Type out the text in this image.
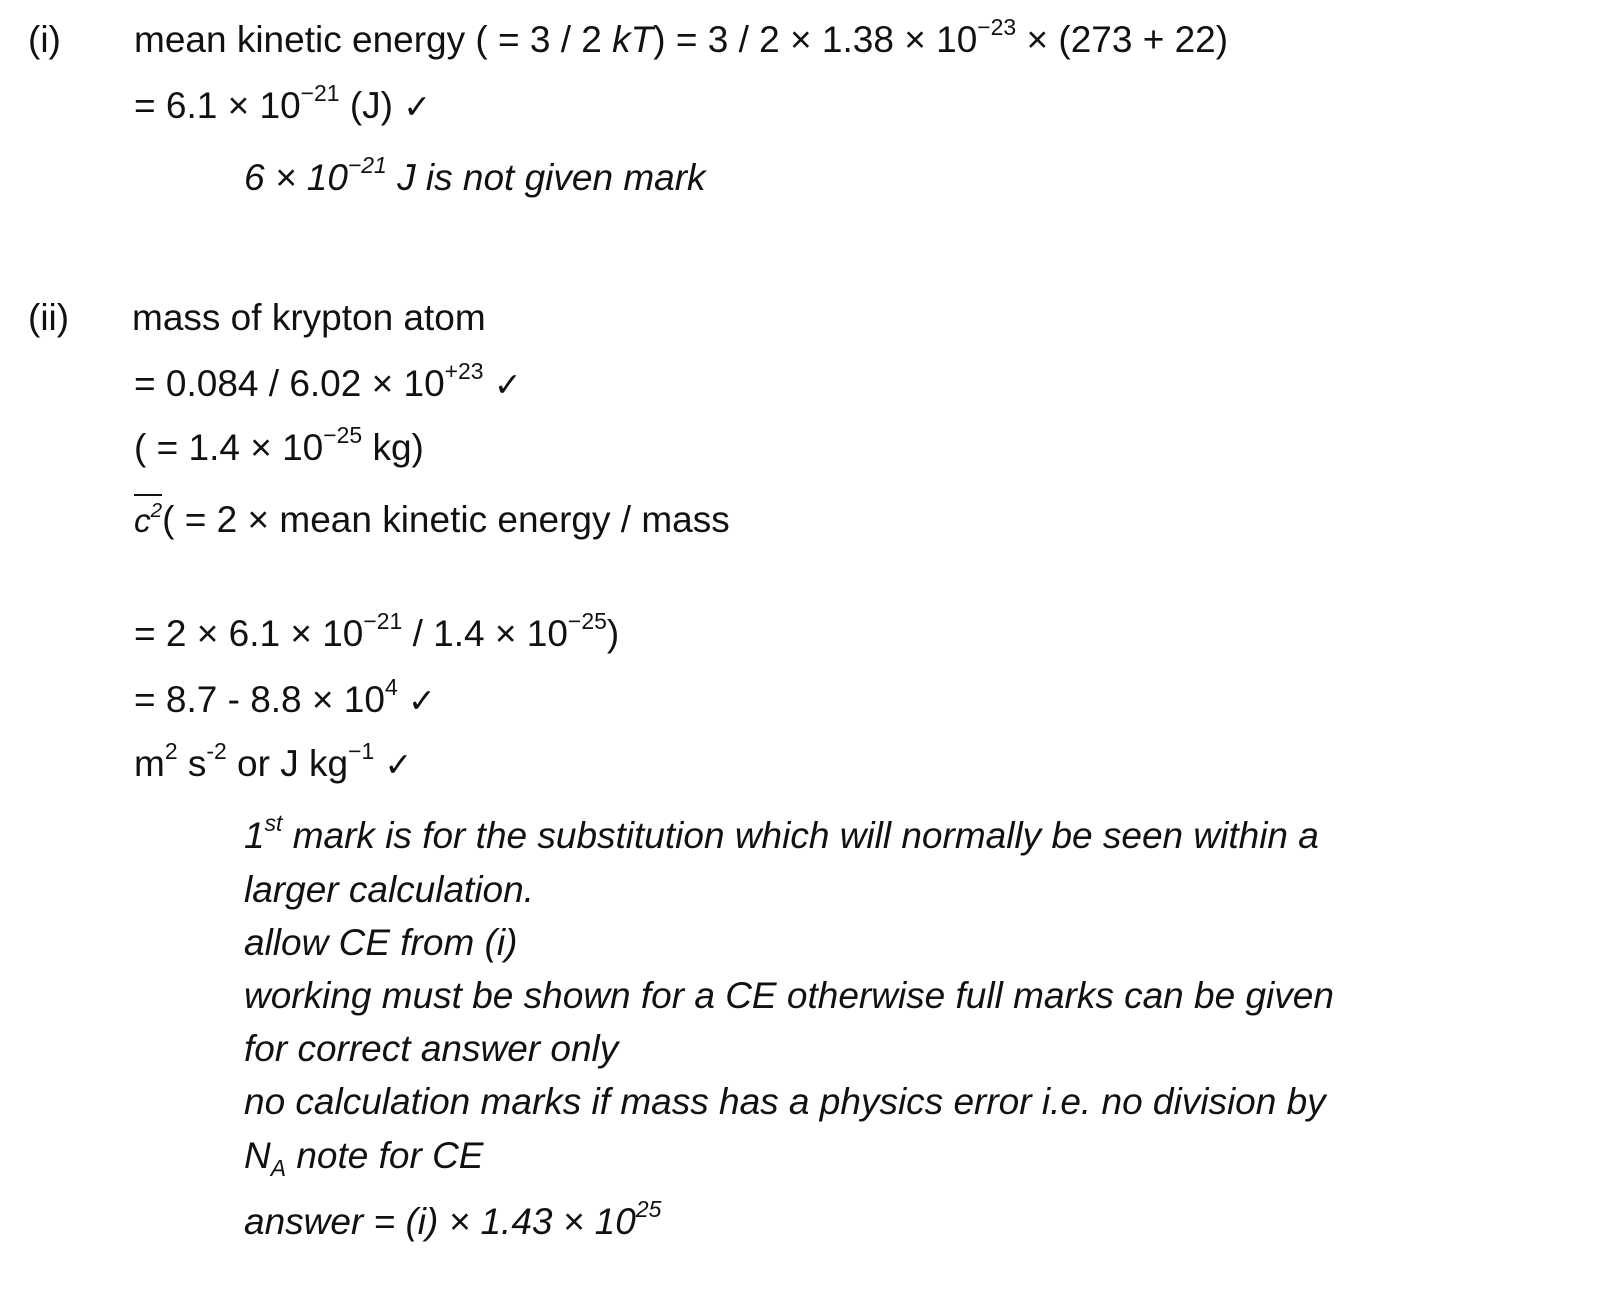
(i) mean kinetic energy ( = 3 / 2 $kT) = 3 / 2 \times 1.38 \times 10^{-23} \times (273 + 22)$
= $6.1 \times 10^{-21}$ (J) ✓
$6 \times 10^{-21}$ J is not given mark
(ii) mass of krypton atom
= $0.084 / 6.02 \times 10^{+23}$ ✓
( = $1.4 \times 10^{-25}$ kg)
$c^2( = 2$ × mean kinetic energy / mass
= $2 \times 6.1 \times 10^{-21} / 1.4 \times 10^{-25}$)
= $8.7 - 8.8 \times 10^4$ ✓
$m^2$ $s^{-2}$ or J $kg^{-1}$ ✓
1st mark is for the substitution which will normally be seen within a
larger calculation.
allow CE from (i)
working must be shown for a CE otherwise full marks can be given
for correct answer only
no calculation marks if mass has a physics error i.e. no division by
$N_A$ note for CE
answer = $(i) \times 1.43 \times 10^{25}$
